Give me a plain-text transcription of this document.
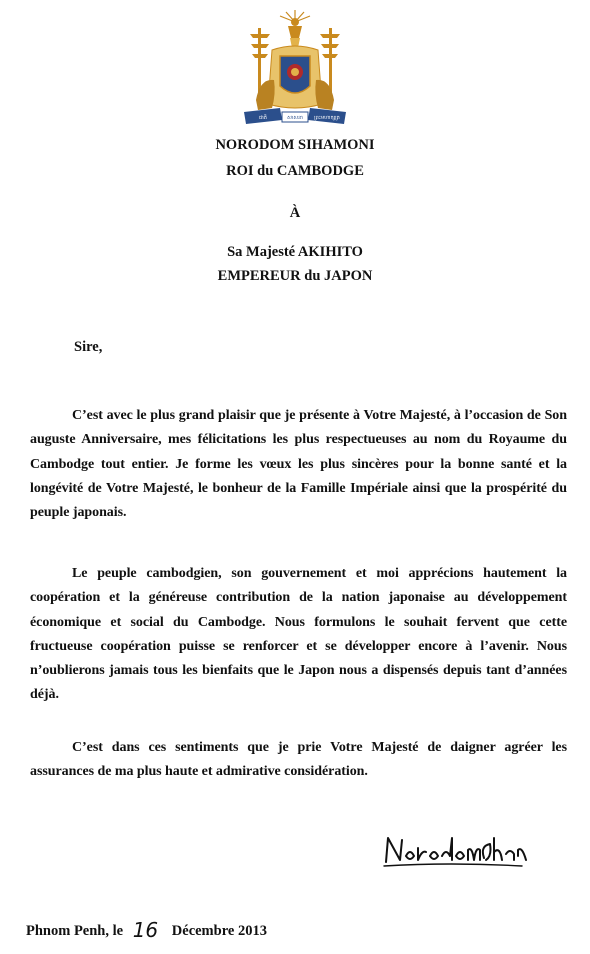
ជាតិ	សាសនា ព្រះមហាក្សត្រ
NORODOM SIHAMONI
ROI du CAMBODGE
À
Sa Majesté AKIHITO
EMPEREUR du JAPON
Sire,

C’est avec le plus grand plaisir que je présente à Votre Majesté, à l’occasion de Son auguste Anniversaire, mes félicitations les plus respectueuses au nom du Royaume du Cambodge tout entier. Je forme les vœux les plus sincères pour la bonne santé et la longévité de Votre Majesté, le bonheur de la Famille Impériale ainsi que la prospérité du peuple japonais.

Le peuple cambodgien, son gouvernement et moi apprécions hautement la coopération et la généreuse contribution de la nation japonaise au développement économique et social du Cambodge. Nous formulons le souhait fervent que cette fructueuse coopération puisse se renforcer et se développer encore à l’avenir. Nous n’oublierons jamais tous les bienfaits que le Japon nous a dispensés depuis tant d’années déjà.

C’est dans ces sentiments que je prie Votre Majesté de daigner agréer les assurances de ma plus haute et admirative considération.

Phnom Penh, le 16 Décembre 2013
